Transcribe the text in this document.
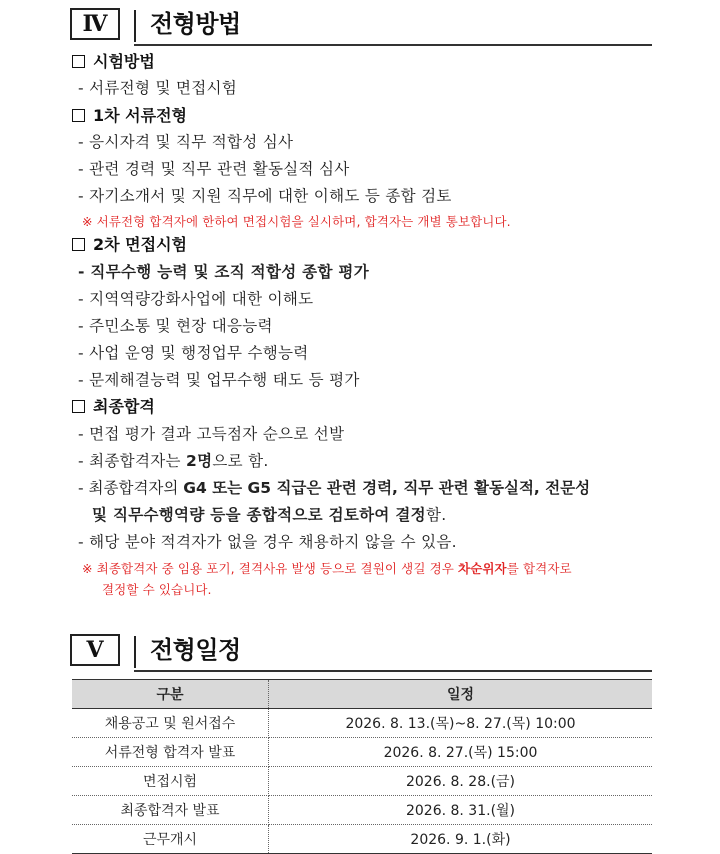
Ⅳ	전형방법
시험방법
- 서류전형 및 면접시험
1차 서류전형
- 응시자격 및 직무 적합성 심사
- 관련 경력 및 직무 관련 활동실적 심사
- 자기소개서 및 지원 직무에 대한 이해도 등 종합 검토
※ 서류전형 합격자에 한하여 면접시험을 실시하며, 합격자는 개별 통보합니다.
2차 면접시험
- 직무수행 능력 및 조직 적합성 종합 평가
- 지역역량강화사업에 대한 이해도
- 주민소통 및 현장 대응능력
- 사업 운영 및 행정업무 수행능력
- 문제해결능력 및 업무수행 태도 등 평가
최종합격
- 면접 평가 결과 고득점자 순으로 선발
- 최종합격자는 2명으로 함.
- 최종합격자의 G4 또는 G5 직급은 관련 경력, 직무 관련 활동실적, 전문성
및 직무수행역량 등을 종합적으로 검토하여 결정함.
- 해당 분야 적격자가 없을 경우 채용하지 않을 수 있음.
※ 최종합격자 중 임용 포기, 결격사유 발생 등으로 결원이 생길 경우 차순위자를 합격자로
결정할 수 있습니다.
Ⅴ	전형일정
구분	일정
채용공고 및 원서접수	2026. 8. 13.(목)~8. 27.(목) 10:00
서류전형 합격자 발표	2026. 8. 27.(목) 15:00
면접시험	2026. 8. 28.(금)
최종합격자 발표	2026. 8. 31.(월)
근무개시	2026. 9. 1.(화)
